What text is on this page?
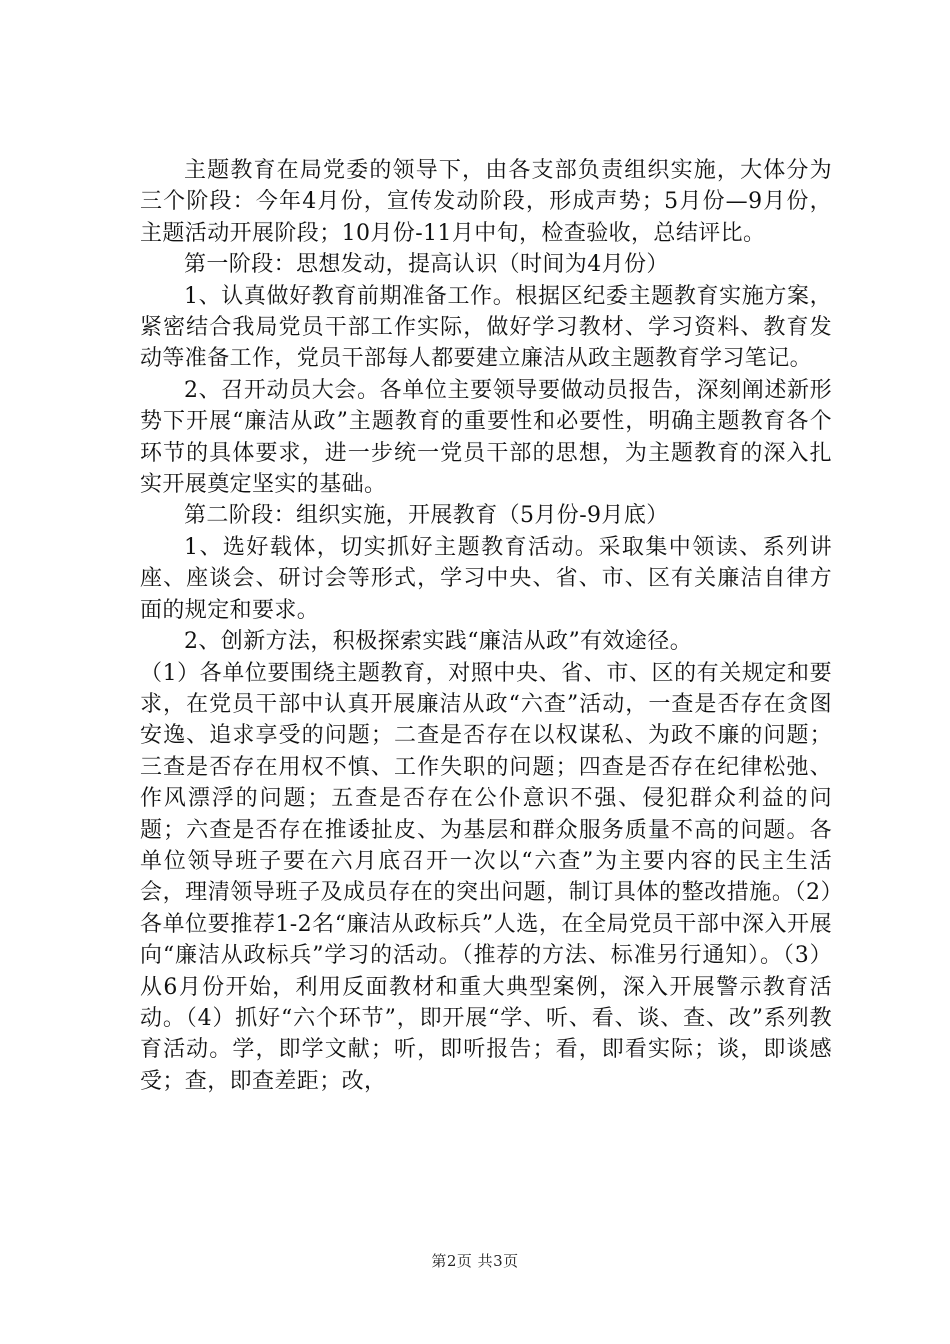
主题教育在局党委的领导下，由各支部负责组织实施，大体分为三个阶段：今年4月份，宣传发动阶段，形成声势；5月份—9月份，主题活动开展阶段；10月份-11月中旬，检查验收，总结评比。

第一阶段：思想发动，提高认识（时间为4月份）

1、认真做好教育前期准备工作。根据区纪委主题教育实施方案，紧密结合我局党员干部工作实际，做好学习教材、学习资料、教育发动等准备工作，党员干部每人都要建立廉洁从政主题教育学习笔记。

2、召开动员大会。各单位主要领导要做动员报告，深刻阐述新形势下开展“廉洁从政”主题教育的重要性和必要性，明确主题教育各个环节的具体要求，进一步统一党员干部的思想，为主题教育的深入扎实开展奠定坚实的基础。

第二阶段：组织实施，开展教育（5月份-9月底）

1、选好载体，切实抓好主题教育活动。采取集中领读、系列讲座、座谈会、研讨会等形式，学习中央、省、市、区有关廉洁自律方面的规定和要求。

2、创新方法，积极探索实践“廉洁从政”有效途径。

（1）各单位要围绕主题教育，对照中央、省、市、区的有关规定和要求，在党员干部中认真开展廉洁从政“六查”活动，一查是否存在贪图安逸、追求享受的问题；二查是否存在以权谋私、为政不廉的问题；三查是否存在用权不慎、工作失职的问题；四查是否存在纪律松弛、作风漂浮的问题；五查是否存在公仆意识不强、侵犯群众利益的问题；六查是否存在推诿扯皮、为基层和群众服务质量不高的问题。各单位领导班子要在六月底召开一次以“六查”为主要内容的民主生活会，理清领导班子及成员存在的突出问题，制订具体的整改措施。（2）各单位要推荐1-2名“廉洁从政标兵”人选，在全局党员干部中深入开展向“廉洁从政标兵”学习的活动。（推荐的方法、标准另行通知）。（3）从6月份开始，利用反面教材和重大典型案例，深入开展警示教育活动。（4）抓好“六个环节”，即开展“学、听、看、谈、查、改”系列教育活动。学，即学文献；听，即听报告；看，即看实际；谈，即谈感受；查，即查差距；改，

第2页 共3页
